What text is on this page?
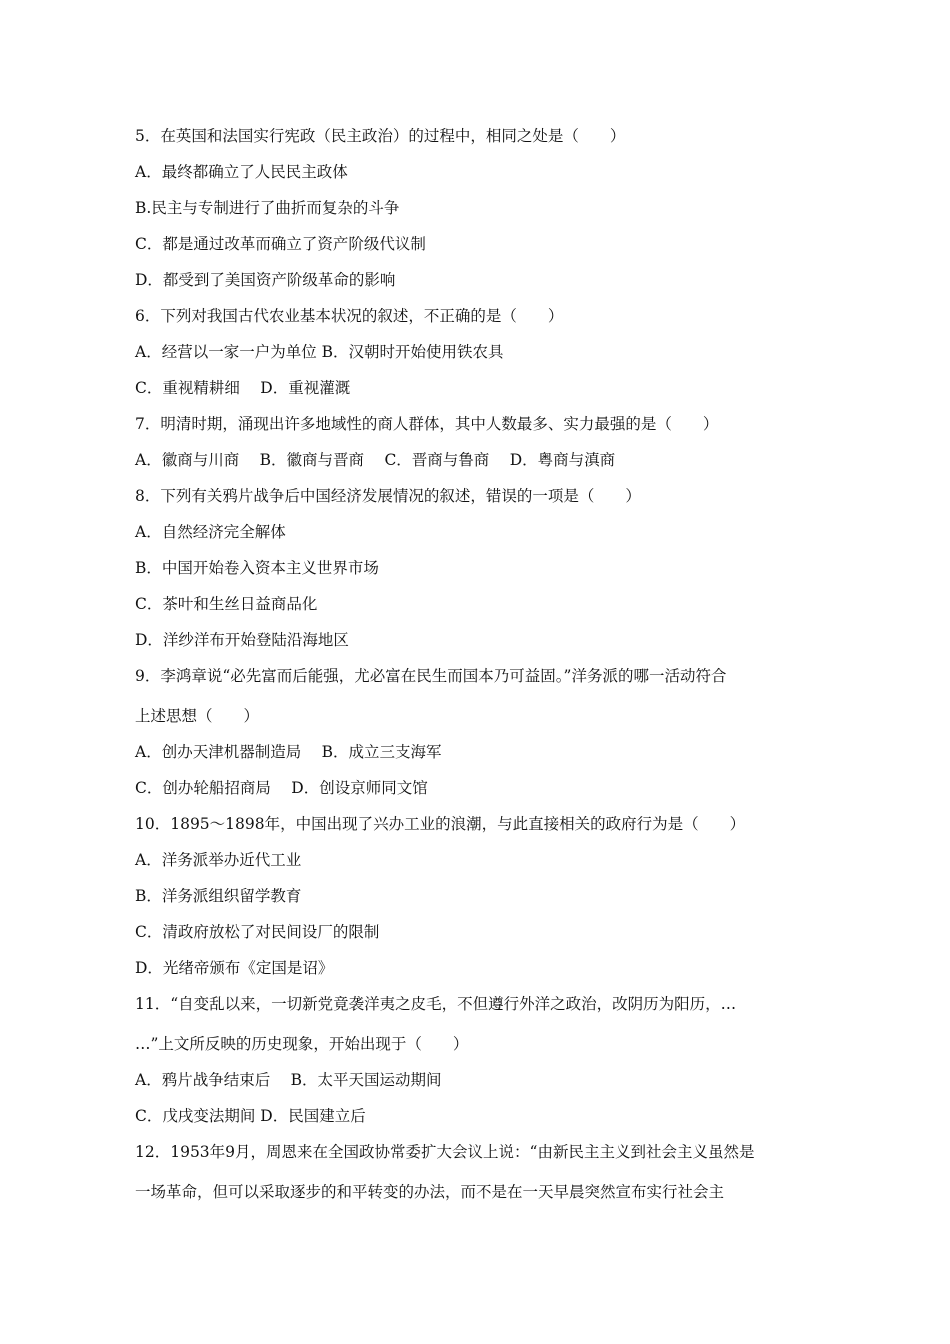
5．在英国和法国实行宪政（民主政治）的过程中，相同之处是（　　）
A．最终都确立了人民民主政体
B.民主与专制进行了曲折而复杂的斗争
C．都是通过改革而确立了资产阶级代议制
D．都受到了美国资产阶级革命的影响
6．下列对我国古代农业基本状况的叙述，不正确的是（　　）
A．经营以一家一户为单位 B．汉朝时开始使用铁农具
C．重视精耕细　 D．重视灌溉
7．明清时期，涌现出许多地域性的商人群体，其中人数最多、实力最强的是（　　）
A．徽商与川商　 B．徽商与晋商　 C．晋商与鲁商　 D．粤商与滇商
8．下列有关鸦片战争后中国经济发展情况的叙述，错误的一项是（　　）
A．自然经济完全解体
B．中国开始卷入资本主义世界市场
C．茶叶和生丝日益商品化
D．洋纱洋布开始登陆沿海地区
9．李鸿章说“必先富而后能强，尤必富在民生而国本乃可益固。”洋务派的哪一活动符合
上述思想（　　）
A．创办天津机器制造局　 B．成立三支海军
C．创办轮船招商局　 D．创设京师同文馆
10．1895～1898年，中国出现了兴办工业的浪潮，与此直接相关的政府行为是（　　）
A．洋务派举办近代工业
B．洋务派组织留学教育
C．清政府放松了对民间设厂的限制
D．光绪帝颁布《定国是诏》
11．“自变乱以来，一切新党竟袭洋夷之皮毛，不但遵行外洋之政治，改阴历为阳历，…
…”上文所反映的历史现象，开始出现于（　　）
A．鸦片战争结束后　 B．太平天国运动期间
C．戊戌变法期间 D．民国建立后
12．1953年9月，周恩来在全国政协常委扩大会议上说：“由新民主主义到社会主义虽然是
一场革命，但可以采取逐步的和平转变的办法，而不是在一天早晨突然宣布实行社会主
